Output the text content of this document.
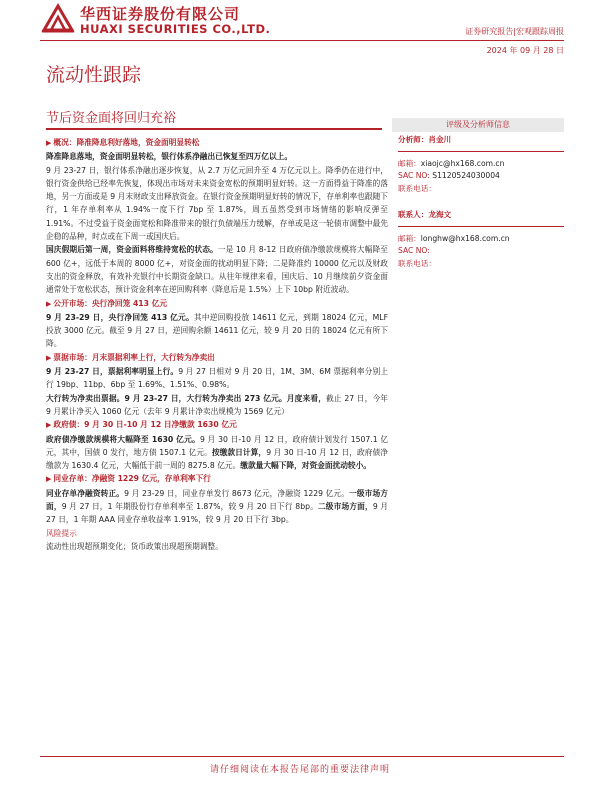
华西证券股份有限公司
HUAXI SECURITIES CO.,LTD.	证券研究报告|宏观跟踪周报
2024 年 09 月 28 日
流动性跟踪
节后资金面将回归充裕	评级及分析师信息
分析师：肖金川
邮箱：xiaojc@hx168.com.cn
SAC NO: S1120524030004
联系电话：
联系人：龙海文
邮箱：longhw@hx168.com.cn
SAC NO:
联系电话：

▶ 概况：降准降息利好落地，资金面明显转松

降准降息落地，资金面明显转松，银行体系净融出已恢复至四万亿以上。

9 月 23-27 日，银行体系净融出逐步恢复，从 2.7 万亿元回升至 4 万亿元以上。降季仍在进行中，银行资金供给已经率先恢复，体现出市场对未来资金宽松的预期明显好转。这一方面得益于降准的落地，另一方面或是 9 月末财政支出释放资金。在银行资金预期明显好转的情况下，存单利率也跟随下行，1 年存单利率从 1.94%一度下行 7bp 至 1.87%，周五虽然受到市场情绪的影响反弹至 1.91%。不过受益于资金面宽松和降准带来的银行负债端压力缓解，存单或是这一轮债市调整中最先企稳的品种，时点或在下周一或国庆后。

国庆假期后第一周，资金面料将维持宽松的状态。一是 10 月 8-12 日政府债净缴款规模将大幅降至 600 亿+，远低于本周的 8000 亿+，对资金面的扰动明显下降；二是降准约 10000 亿元以及财政支出的资金释放，有效补充银行中长期资金缺口。从往年规律来看，国庆后、10 月继续前夕资金面通常处于宽松状态，预计资金利率在逆回购利率（降息后是 1.5%）上下 10bp 附近波动。

▶ 公开市场：央行净回笼 413 亿元

9 月 23-29 日，央行净回笼 413 亿元。其中逆回购投放 14611 亿元，到期 18024 亿元，MLF 投放 3000 亿元。截至 9 月 27 日，逆回购余额 14611 亿元，较 9 月 20 日的 18024 亿元有所下降。

▶ 票据市场：月末票据利率上行，大行转为净卖出

9 月 23-27 日，票据利率明显上行。9 月 27 日相对 9 月 20 日，1M、3M、6M 票据利率分别上行 19bp、11bp、6bp 至 1.69%、1.51%、0.98%。

大行转为净卖出票据。9 月 23-27 日，大行转为净卖出 273 亿元。月度来看，截止 27 日，今年 9 月累计净买入 1060 亿元（去年 9 月累计净卖出规模为 1569 亿元）

▶ 政府债：9 月 30 日-10 月 12 日净缴款 1630 亿元

政府债净缴款规模将大幅降至 1630 亿元。9 月 30 日-10 月 12 日，政府债计划发行 1507.1 亿元，其中，国债 0 发行，地方债 1507.1 亿元。按缴款日计算，9 月 30 日-10 月 12 日，政府债净缴款为 1630.4 亿元，大幅低于前一周的 8275.8 亿元。缴款量大幅下降，对资金面扰动较小。

▶ 同业存单：净融资 1229 亿元，存单利率下行

同业存单净融资转正。9 月 23-29 日，同业存单发行 8673 亿元，净融资 1229 亿元。一级市场方面，9 月 27 日，1 年期股份行存单利率至 1.87%，较 9 月 20 日下行 8bp。二级市场方面，9 月 27 日，1 年期 AAA 同业存单收益率 1.91%，较 9 月 20 日下行 3bp。

风险提示

流动性出现超预期变化；货币政策出现超预期调整。

请仔细阅读在本报告尾部的重要法律声明
